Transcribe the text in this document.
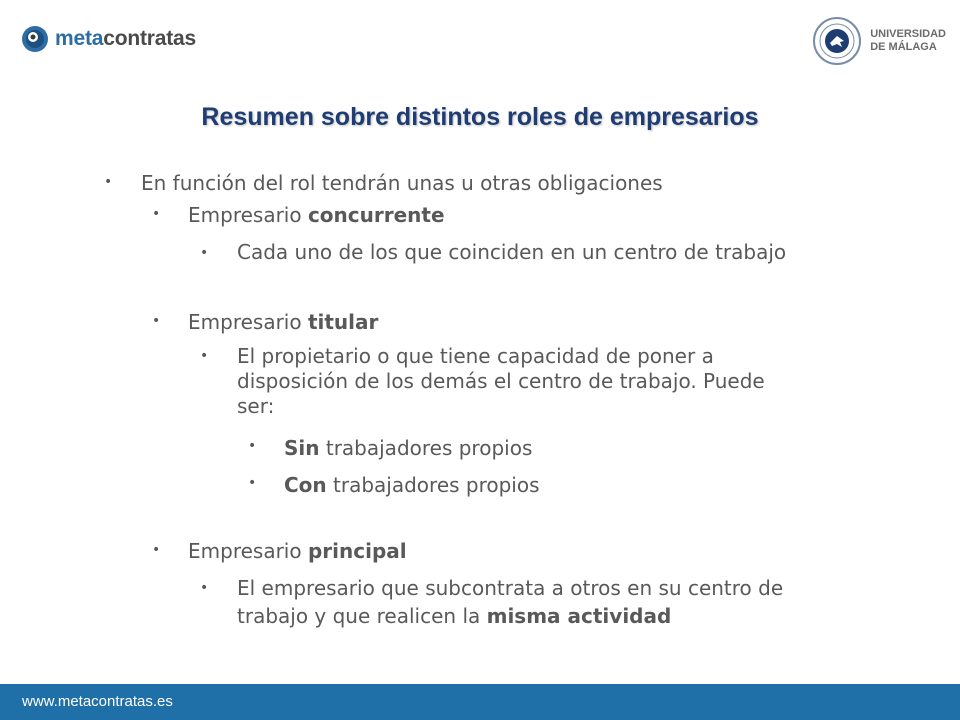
metacontratas	UNIVERSIDAD
DE MÁLAGA
Resumen sobre distintos roles de empresarios
• En función del rol tendrán unas u otras obligaciones
• Empresario concurrente
• Cada uno de los que coinciden en un centro de trabajo
• Empresario titular
• El propietario o que tiene capacidad de poner a
disposición de los demás el centro de trabajo. Puede
ser:
• Sin trabajadores propios
• Con trabajadores propios
• Empresario principal
• El empresario que subcontrata a otros en su centro de
trabajo y que realicen la misma actividad
www.metacontratas.es
